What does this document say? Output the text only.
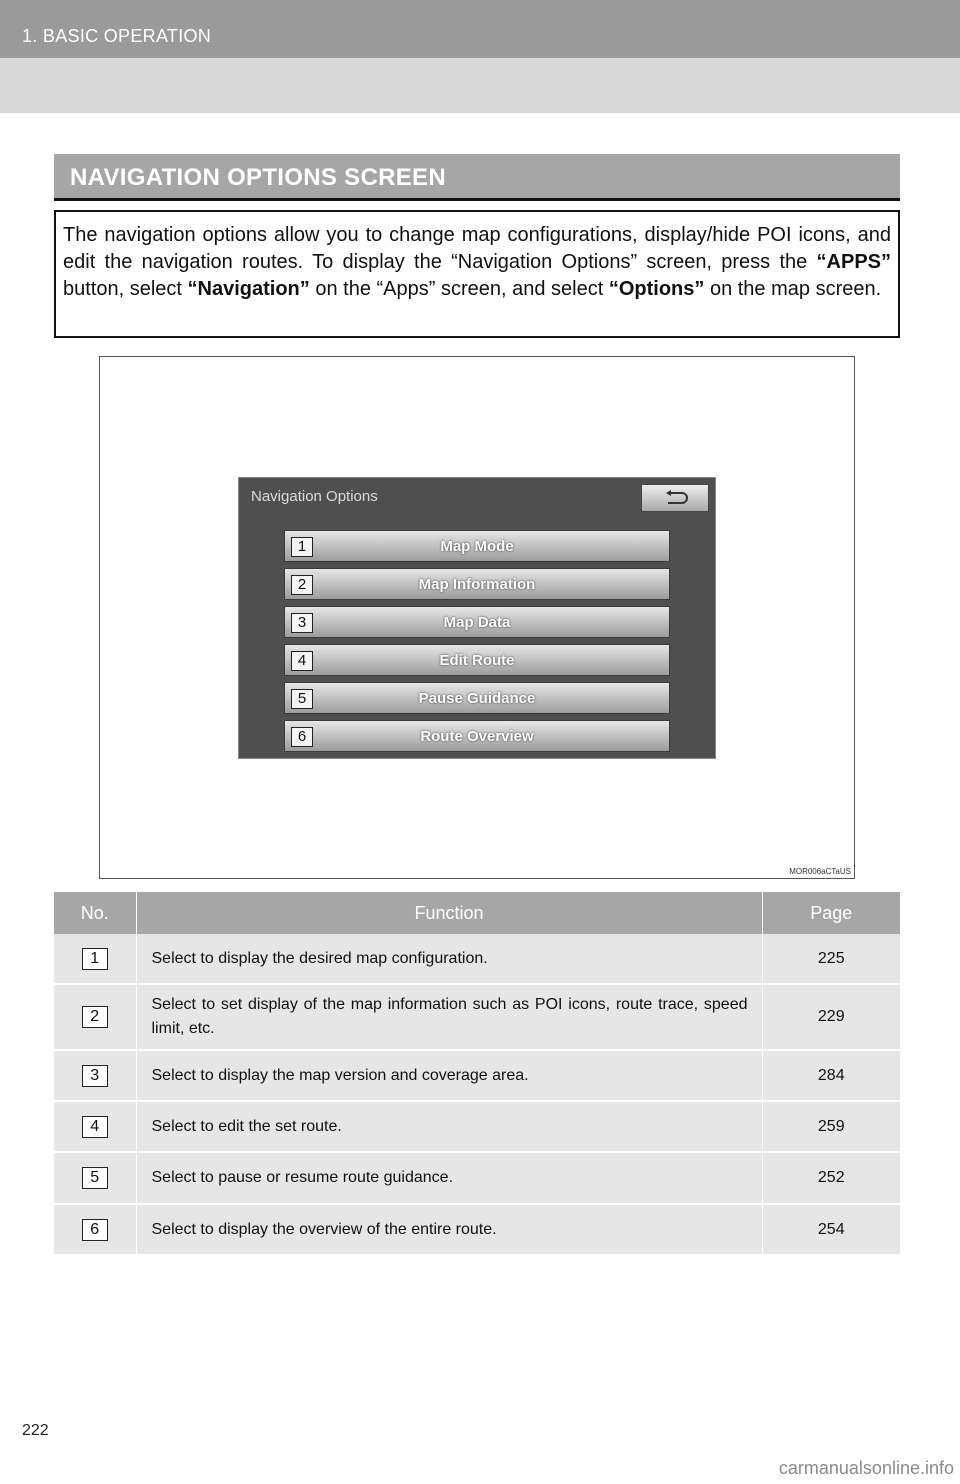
1. BASIC OPERATION
NAVIGATION OPTIONS SCREEN
The navigation options allow you to change map configurations, display/hide POI icons, and edit the navigation routes. To display the “Navigation Options” screen, press the “APPS” button, select “Navigation” on the “Apps” screen, and select “Options” on the map screen.
Navigation Options
1	Map Mode
2	Map Information
3	Map Data
4	Edit Route
5	Pause Guidance
6	Route Overview
MOR006aCTaUS
No.	Function	Page
1	Select to display the desired map configuration.	225
2	Select to set display of the map information such as POI icons, route trace, speed limit, etc.	229
3	Select to display the map version and coverage area.	284
4	Select to edit the set route.	259
5	Select to pause or resume route guidance.	252
6	Select to display the overview of the entire route.	254
222
carmanualsonline.info
